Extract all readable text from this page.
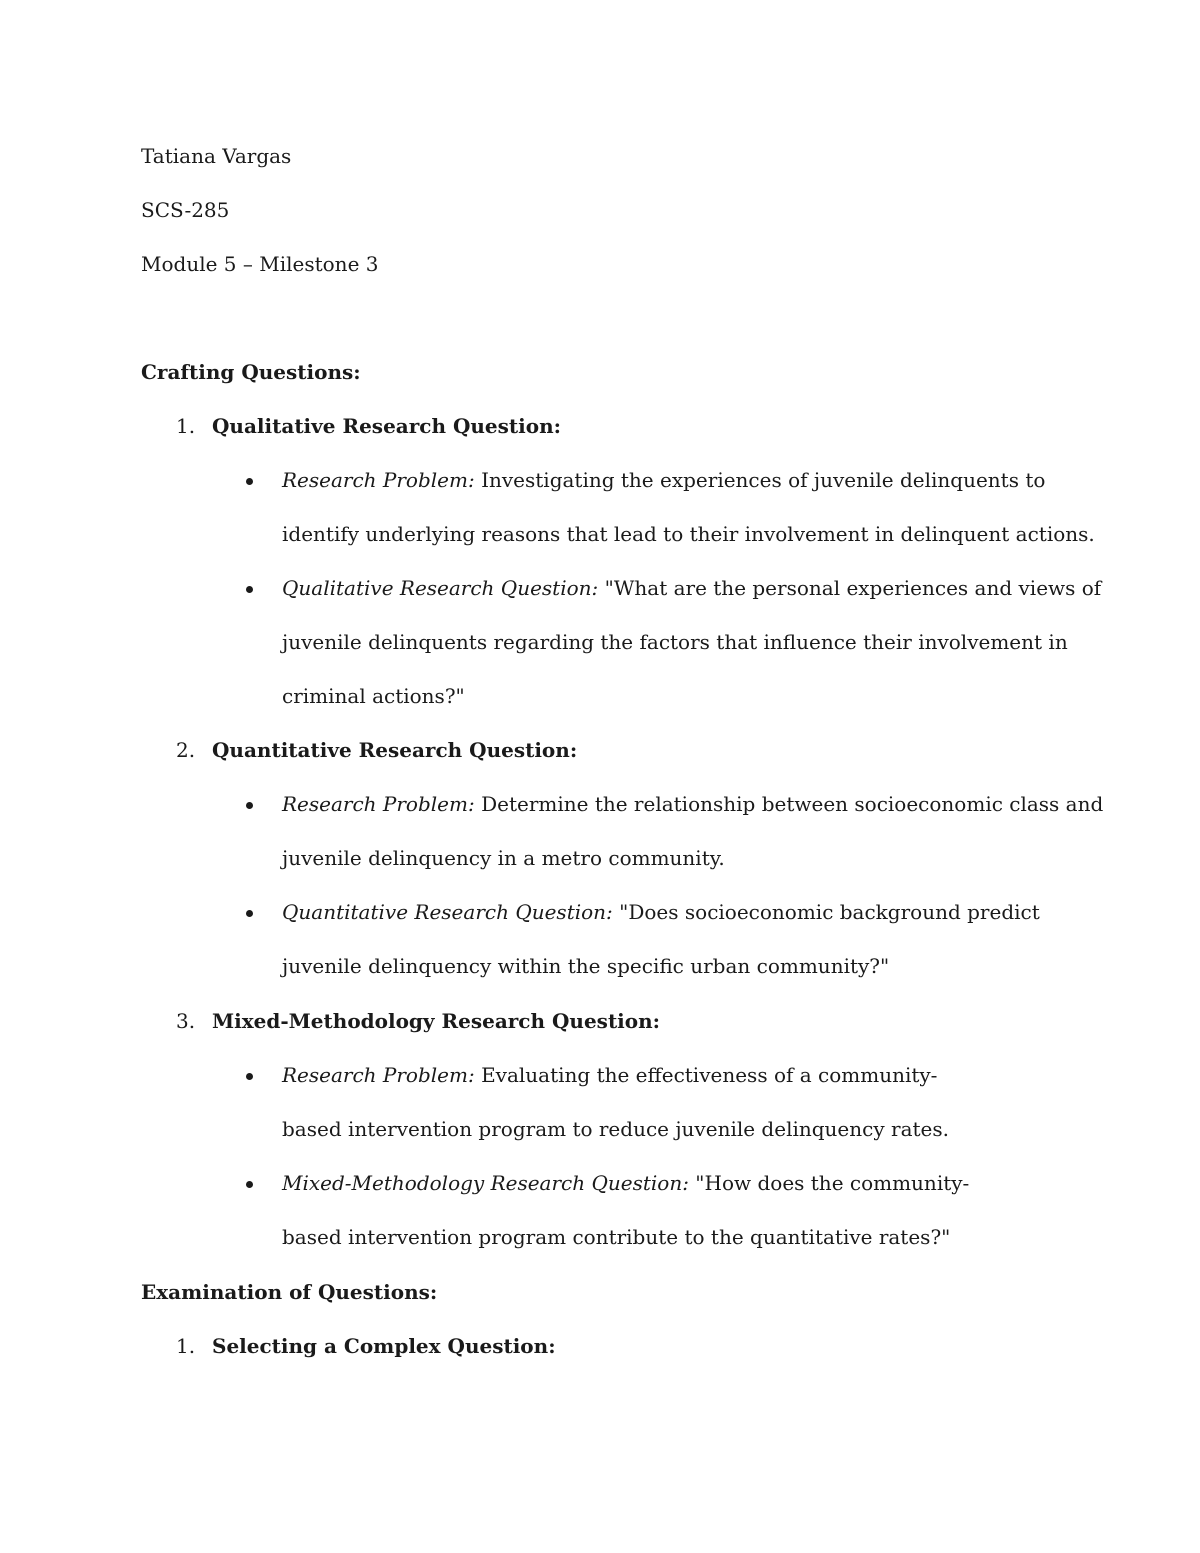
Tatiana Vargas
SCS-285
Module 5 – Milestone 3
Crafting Questions:
1. Qualitative Research Question:
Research Problem: Investigating the experiences of juvenile delinquents to
identify underlying reasons that lead to their involvement in delinquent actions.
Qualitative Research Question: "What are the personal experiences and views of
juvenile delinquents regarding the factors that influence their involvement in
criminal actions?"
2. Quantitative Research Question:
Research Problem: Determine the relationship between socioeconomic class and
juvenile delinquency in a metro community.
Quantitative Research Question: "Does socioeconomic background predict
juvenile delinquency within the specific urban community?"
3. Mixed-Methodology Research Question:
Research Problem: Evaluating the effectiveness of a community-
based intervention program to reduce juvenile delinquency rates.
Mixed-Methodology Research Question: "How does the community-
based intervention program contribute to the quantitative rates?"
Examination of Questions:
1. Selecting a Complex Question:
